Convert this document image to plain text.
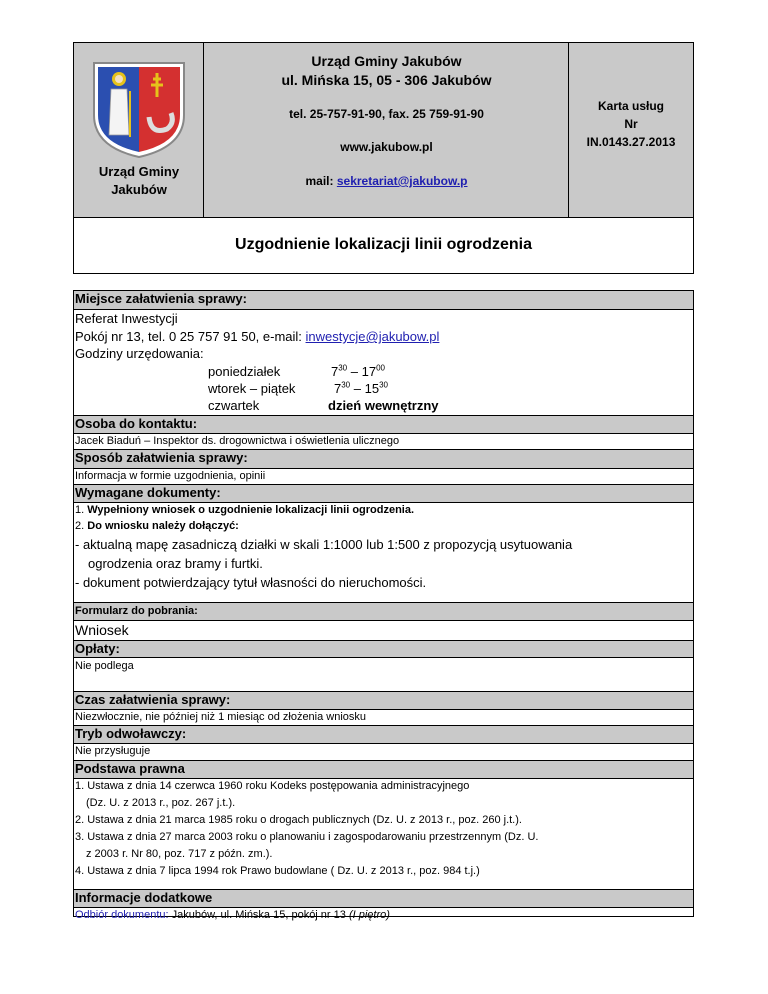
Urząd Gminy
Jakubów
Urząd Gminy Jakubów
ul. Mińska 15, 05 - 306 Jakubów
tel. 25-757-91-90, fax. 25 759-91-90
www.jakubow.pl
mail: sekretariat@jakubow.p
Karta usług
Nr
IN.0143.27.2013
Uzgodnienie lokalizacji linii ogrodzenia
Miejsce załatwienia sprawy:
Referat Inwestycji
Pokój nr 13, tel. 0 25 757 91 50, e-mail: inwestycje@jakubow.pl
Godziny urzędowania:
poniedziałek	$7^{30} - 17^{00}$
wtorek – piątek	$7^{30} - 15^{30}$
czwartek	dzień wewnętrzny
Osoba do kontaktu:
Jacek Biaduń – Inspektor ds. drogownictwa i oświetlenia ulicznego
Sposób załatwienia sprawy:
Informacja w formie uzgodnienia, opinii
Wymagane dokumenty:
1. Wypełniony wniosek o uzgodnienie lokalizacji linii ogrodzenia.
2. Do wniosku należy dołączyć:
- aktualną mapę zasadniczą działki w skali 1:1000 lub 1:500 z propozycją usytuowania
ogrodzenia oraz bramy i furtki.
- dokument potwierdzający tytuł własności do nieruchomości.
Formularz do pobrania:
Wniosek
Opłaty:
Nie podlega
Czas załatwienia sprawy:
Niezwłocznie, nie później niż 1 miesiąc od złożenia wniosku
Tryb odwoławczy:
Nie przysługuje
Podstawa prawna
1. Ustawa z dnia 14 czerwca 1960 roku Kodeks postępowania administracyjnego
(Dz. U. z 2013 r., poz. 267 j.t.).
2. Ustawa z dnia 21 marca 1985 roku o drogach publicznych (Dz. U. z 2013 r., poz. 260 j.t.).
3. Ustawa z dnia 27 marca 2003 roku o planowaniu i zagospodarowaniu przestrzennym (Dz. U.
z 2003 r. Nr 80, poz. 717 z późn. zm.).
4. Ustawa z dnia 7 lipca 1994 rok Prawo budowlane ( Dz. U. z 2013 r., poz. 984 t.j.)
Informacje dodatkowe
Odbiór dokumentu: Jakubów, ul. Mińska 15, pokój nr 13 (I piętro)
